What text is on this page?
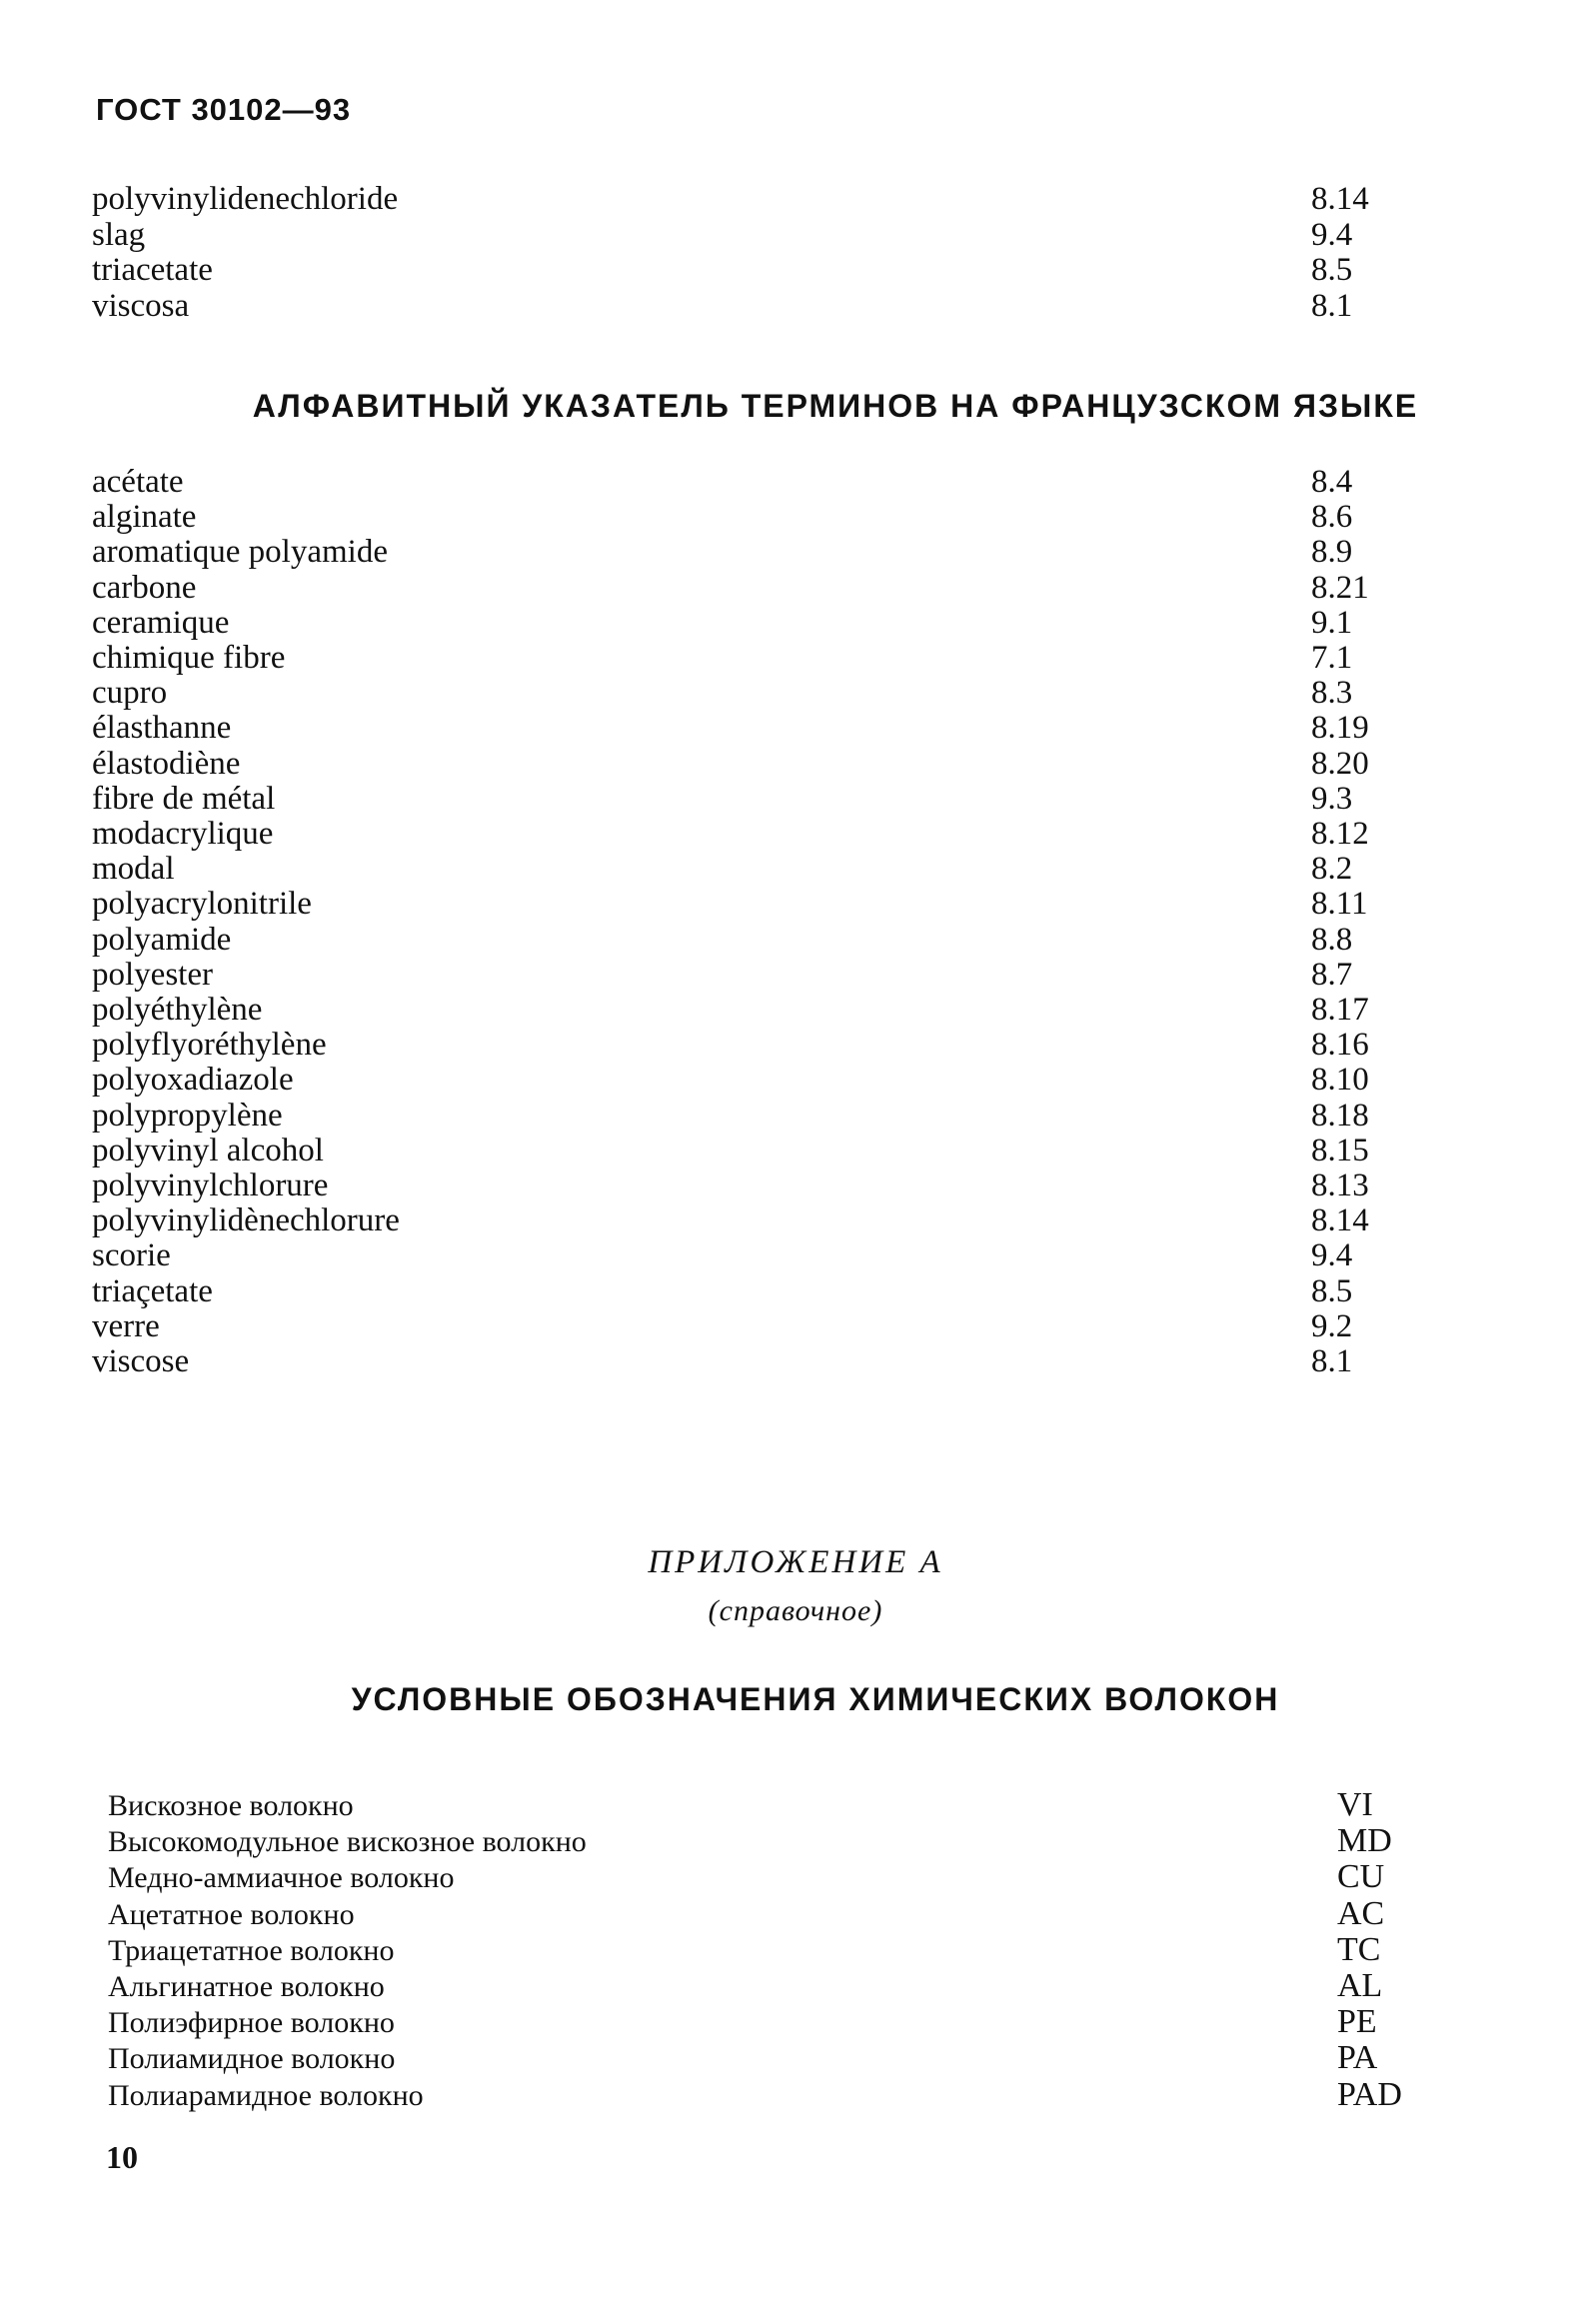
ГОСТ 30102—93
polyvinylidenechloride	8.14
slag	9.4
triacetate	8.5
viscosa	8.1
АЛФАВИТНЫЙ УКАЗАТЕЛЬ ТЕРМИНОВ НА ФРАНЦУЗСКОМ ЯЗЫКЕ
acétate	8.4
alginate	8.6
aromatique polyamide	8.9
carbone	8.21
ceramique	9.1
chimique fibre	7.1
cupro	8.3
élasthanne	8.19
élastodiène	8.20
fibre de métal	9.3
modacrylique	8.12
modal	8.2
polyacrylonitrile	8.11
polyamide	8.8
polyester	8.7
polyéthylène	8.17
polyflyoréthylène	8.16
polyoxadiazole	8.10
polypropylène	8.18
polyvinyl alcohol	8.15
polyvinylchlorure	8.13
polyvinylidènechlorure	8.14
scorie	9.4
triaçetate	8.5
verre	9.2
viscose	8.1
ПРИЛОЖЕНИЕ А
(справочное)
УСЛОВНЫЕ ОБОЗНАЧЕНИЯ ХИМИЧЕСКИХ ВОЛОКОН
Вискозное волокно	VI
Высокомодульное вискозное волокно	MD
Медно-аммиачное волокно	CU
Ацетатное волокно	AC
Триацетатное волокно	TC
Альгинатное волокно	AL
Полиэфирное волокно	PE
Полиамидное волокно	PA
Полиарамидное волокно	PAD
10
